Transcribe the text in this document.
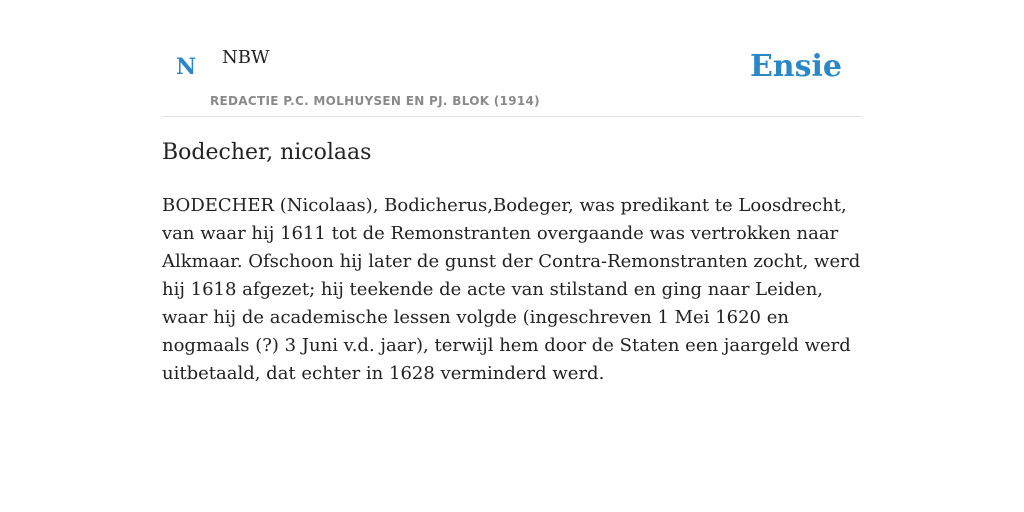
N NBW
REDACTIE P.C. MOLHUYSEN EN PJ. BLOK (1914)
Ensie
Bodecher, nicolaas

BODECHER (Nicolaas), Bodicherus,Bodeger, was predikant te Loosdrecht, van waar hij 1611 tot de Remonstranten overgaande was vertrokken naar Alkmaar. Ofschoon hij later de gunst der Contra-Remonstranten zocht, werd hij 1618 afgezet; hij teekende de acte van stilstand en ging naar Leiden, waar hij de academische lessen volgde (ingeschreven 1 Mei 1620 en nogmaals (?) 3 Juni v.d. jaar), terwijl hem door de Staten een jaargeld werd uitbetaald, dat echter in 1628 verminderd werd.
